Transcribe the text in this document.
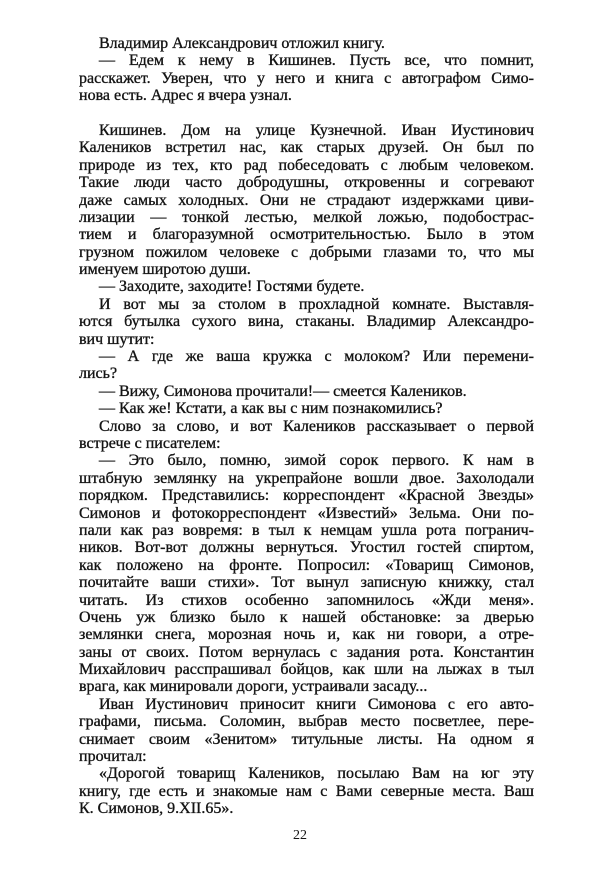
Владимир Александрович отложил книгу.
— Едем к нему в Кишинев. Пусть все, что помнит,
расскажет. Уверен, что у него и книга с автографом Симо-
нова есть. Адрес я вчера узнал.
Кишинев. Дом на улице Кузнечной. Иван Иустинович
Калеников встретил нас, как старых друзей. Он был по
природе из тех, кто рад побеседовать с любым человеком.
Такие люди часто добродушны, откровенны и согревают
даже самых холодных. Они не страдают издержками циви-
лизации — тонкой лестью, мелкой ложью, подобострас-
тием и благоразумной осмотрительностью. Было в этом
грузном пожилом человеке с добрыми глазами то, что мы
именуем широтою души.
— Заходите, заходите! Гостями будете.
И вот мы за столом в прохладной комнате. Выставля-
ются бутылка сухого вина, стаканы. Владимир Александро-
вич шутит:
— А где же ваша кружка с молоком? Или перемени-
лись?
— Вижу, Симонова прочитали!— смеется Калеников.
— Как же! Кстати, а как вы с ним познакомились?
Слово за слово, и вот Калеников рассказывает о первой
встрече с писателем:
— Это было, помню, зимой сорок первого. К нам в
штабную землянку на укрепрайоне вошли двое. Захолодали
порядком. Представились: корреспондент «Красной Звезды»
Симонов и фотокорреспондент «Известий» Зельма. Они по-
пали как раз вовремя: в тыл к немцам ушла рота погранич-
ников. Вот-вот должны вернуться. Угостил гостей спиртом,
как положено на фронте. Попросил: «Товарищ Симонов,
почитайте ваши стихи». Тот вынул записную книжку, стал
читать. Из стихов особенно запомнилось «Жди меня».
Очень уж близко было к нашей обстановке: за дверью
землянки снега, морозная ночь и, как ни говори, а отре-
заны от своих. Потом вернулась с задания рота. Константин
Михайлович расспрашивал бойцов, как шли на лыжах в тыл
врага, как минировали дороги, устраивали засаду...
Иван Иустинович приносит книги Симонова с его авто-
графами, письма. Соломин, выбрав место посветлее, пере-
снимает своим «Зенитом» титульные листы. На одном я
прочитал:
«Дорогой товарищ Калеников, посылаю Вам на юг эту
книгу, где есть и знакомые нам с Вами северные места. Ваш
К. Симонов, 9.XII.65».
22
